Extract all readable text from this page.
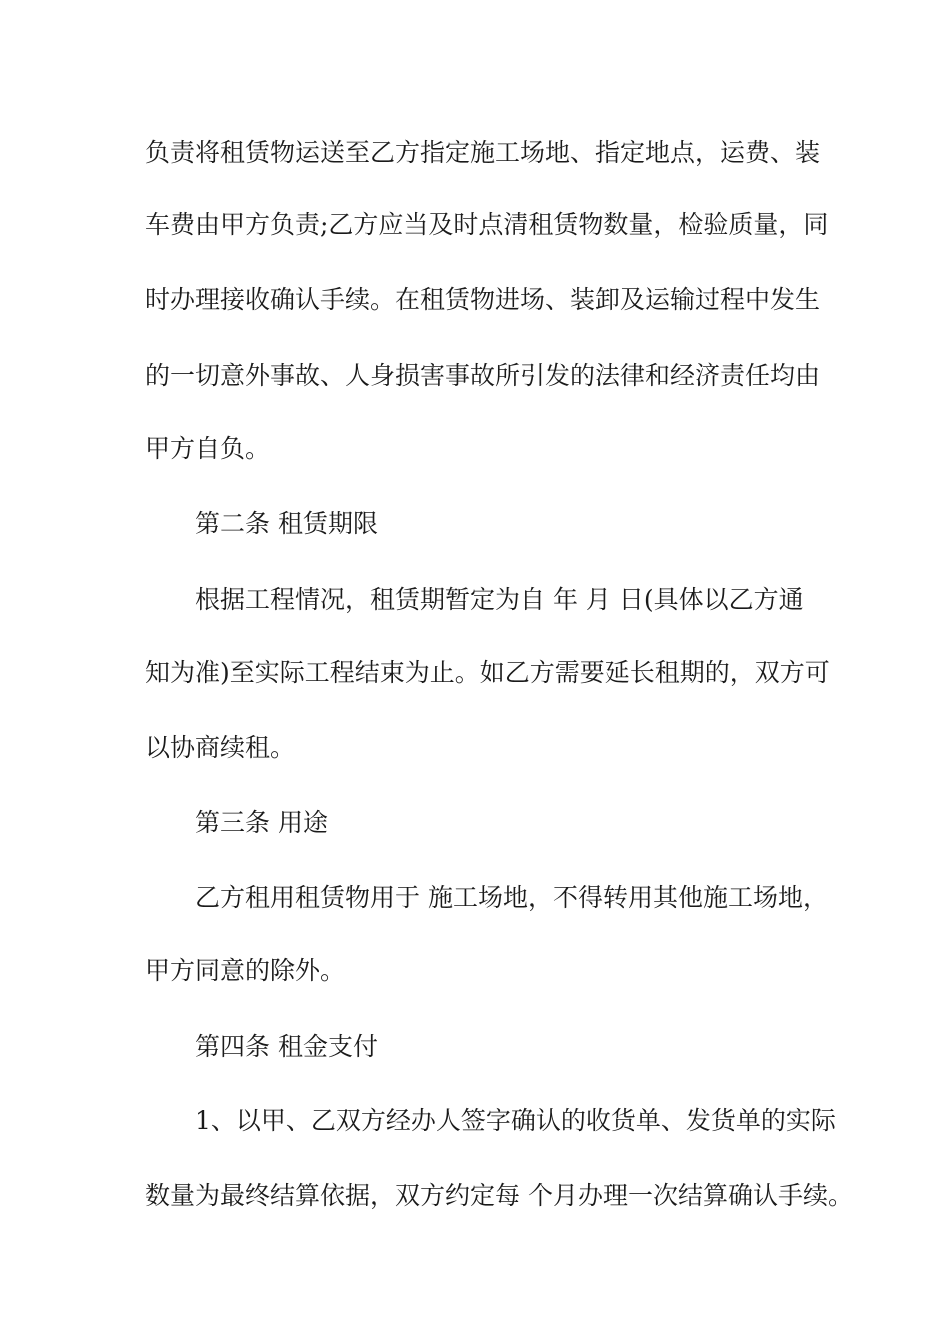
负责将租赁物运送至乙方指定施工场地、指定地点，运费、装
车费由甲方负责;乙方应当及时点清租赁物数量，检验质量，同
时办理接收确认手续。在租赁物进场、装卸及运输过程中发生
的一切意外事故、人身损害事故所引发的法律和经济责任均由
甲方自负。
　　第二条 租赁期限
　　根据工程情况，租赁期暂定为自 年 月 日(具体以乙方通
知为准)至实际工程结束为止。如乙方需要延长租期的，双方可
以协商续租。
　　第三条 用途
　　乙方租用租赁物用于 施工场地，不得转用其他施工场地，
甲方同意的除外。
　　第四条 租金支付
　　1、以甲、乙双方经办人签字确认的收货单、发货单的实际
数量为最终结算依据，双方约定每 个月办理一次结算确认手续。
